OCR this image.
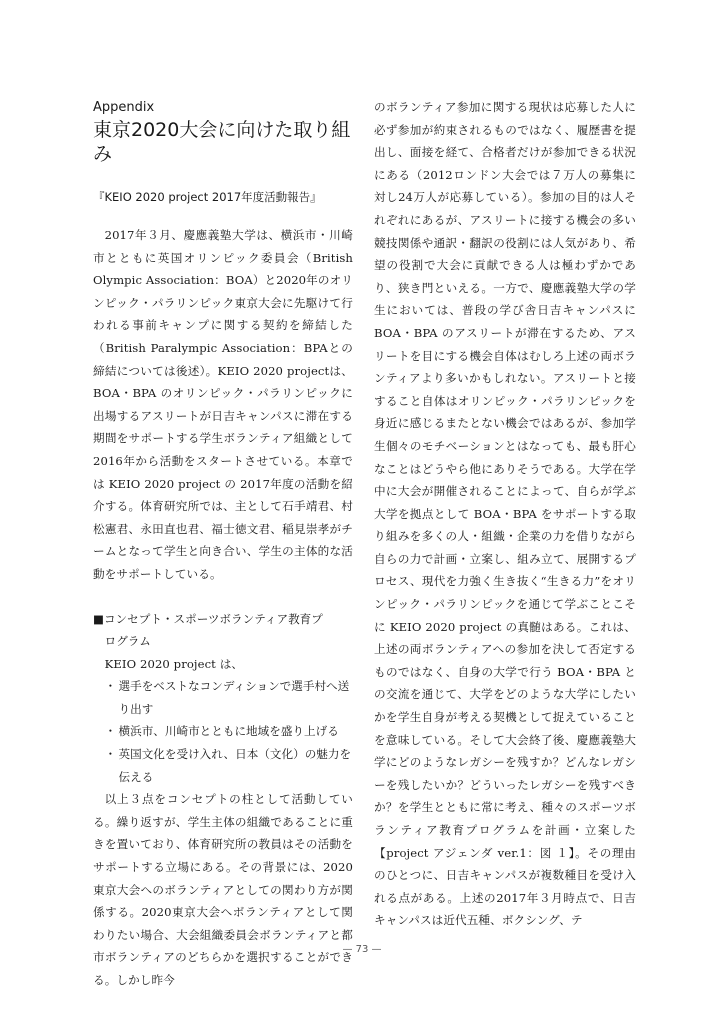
Appendix
東京2020大会に向けた取り組み
『KEIO 2020 project 2017年度活動報告』

2017年３月、慶應義塾大学は、横浜市・川崎市とともに英国オリンピック委員会（British Olympic Association：BOA）と2020年のオリンピック・パラリンピック東京大会に先駆けて行われる事前キャンプに関する契約を締結した（British Paralympic Association：BPAとの締結については後述）。KEIO 2020 projectは、BOA・BPA のオリンピック・パラリンピックに出場するアスリートが日吉キャンパスに滞在する期間をサポートする学生ボランティア組織として2016年から活動をスタートさせている。本章では KEIO 2020 project の 2017年度の活動を紹介する。体育研究所では、主として石手靖君、村松憲君、永田直也君、福士徳文君、稲見崇孝がチームとなって学生と向き合い、学生の主体的な活動をサポートしている。

■コンセプト・スポーツボランティア教育プ
ログラム

KEIO 2020 project は、

・ 選手をベストなコンディションで選手村へ送り出す
・ 横浜市、川崎市とともに地域を盛り上げる
・ 英国文化を受け入れ、日本（文化）の魅力を伝える

以上３点をコンセプトの柱として活動している。繰り返すが、学生主体の組織であることに重きを置いており、体育研究所の教員はその活動をサポートする立場にある。その背景には、2020東京大会へのボランティアとしての関わり方が関係する。2020東京大会へボランティアとして関わりたい場合、大会組織委員会ボランティアと都市ボランティアのどちらかを選択することができる。しかし昨今

のボランティア参加に関する現状は応募した人に必ず参加が約束されるものではなく、履歴書を提出し、面接を経て、合格者だけが参加できる状況にある（2012ロンドン大会では７万人の募集に対し24万人が応募している）。参加の目的は人それぞれにあるが、アスリートに接する機会の多い競技関係や通訳・翻訳の役割には人気があり、希望の役割で大会に貢献できる人は極わずかであり、狭き門といえる。一方で、慶應義塾大学の学生においては、普段の学び舎日吉キャンパスに BOA・BPA のアスリートが滞在するため、アスリートを目にする機会自体はむしろ上述の両ボランティアより多いかもしれない。アスリートと接すること自体はオリンピック・パラリンピックを身近に感じるまたとない機会ではあるが、参加学生個々のモチベーションとはなっても、最も肝心なことはどうやら他にありそうである。大学在学中に大会が開催されることによって、自らが学ぶ大学を拠点として BOA・BPA をサポートする取り組みを多くの人・組織・企業の力を借りながら自らの力で計画・立案し、組み立て、展開するプロセス、現代を力強く生き抜く“生きる力”をオリンピック・パラリンピックを通じて学ぶことこそに KEIO 2020 project の真髄はある。これは、上述の両ボランティアへの参加を決して否定するものではなく、自身の大学で行う BOA・BPA との交流を通じて、大学をどのような大学にしたいかを学生自身が考える契機として捉えていることを意味している。そして大会終了後、慶應義塾大学にどのようなレガシーを残すか？どんなレガシーを残したいか？どういったレガシーを残すべきか？を学生とともに常に考え、種々のスポーツボランティア教育プログラムを計画・立案した【project アジェンダ ver.1：図 １】。その理由のひとつに、日吉キャンパスが複数種目を受け入れる点がある。上述の2017年３月時点で、日吉キャンパスは近代五種、ボクシング、テ

— 73 —
